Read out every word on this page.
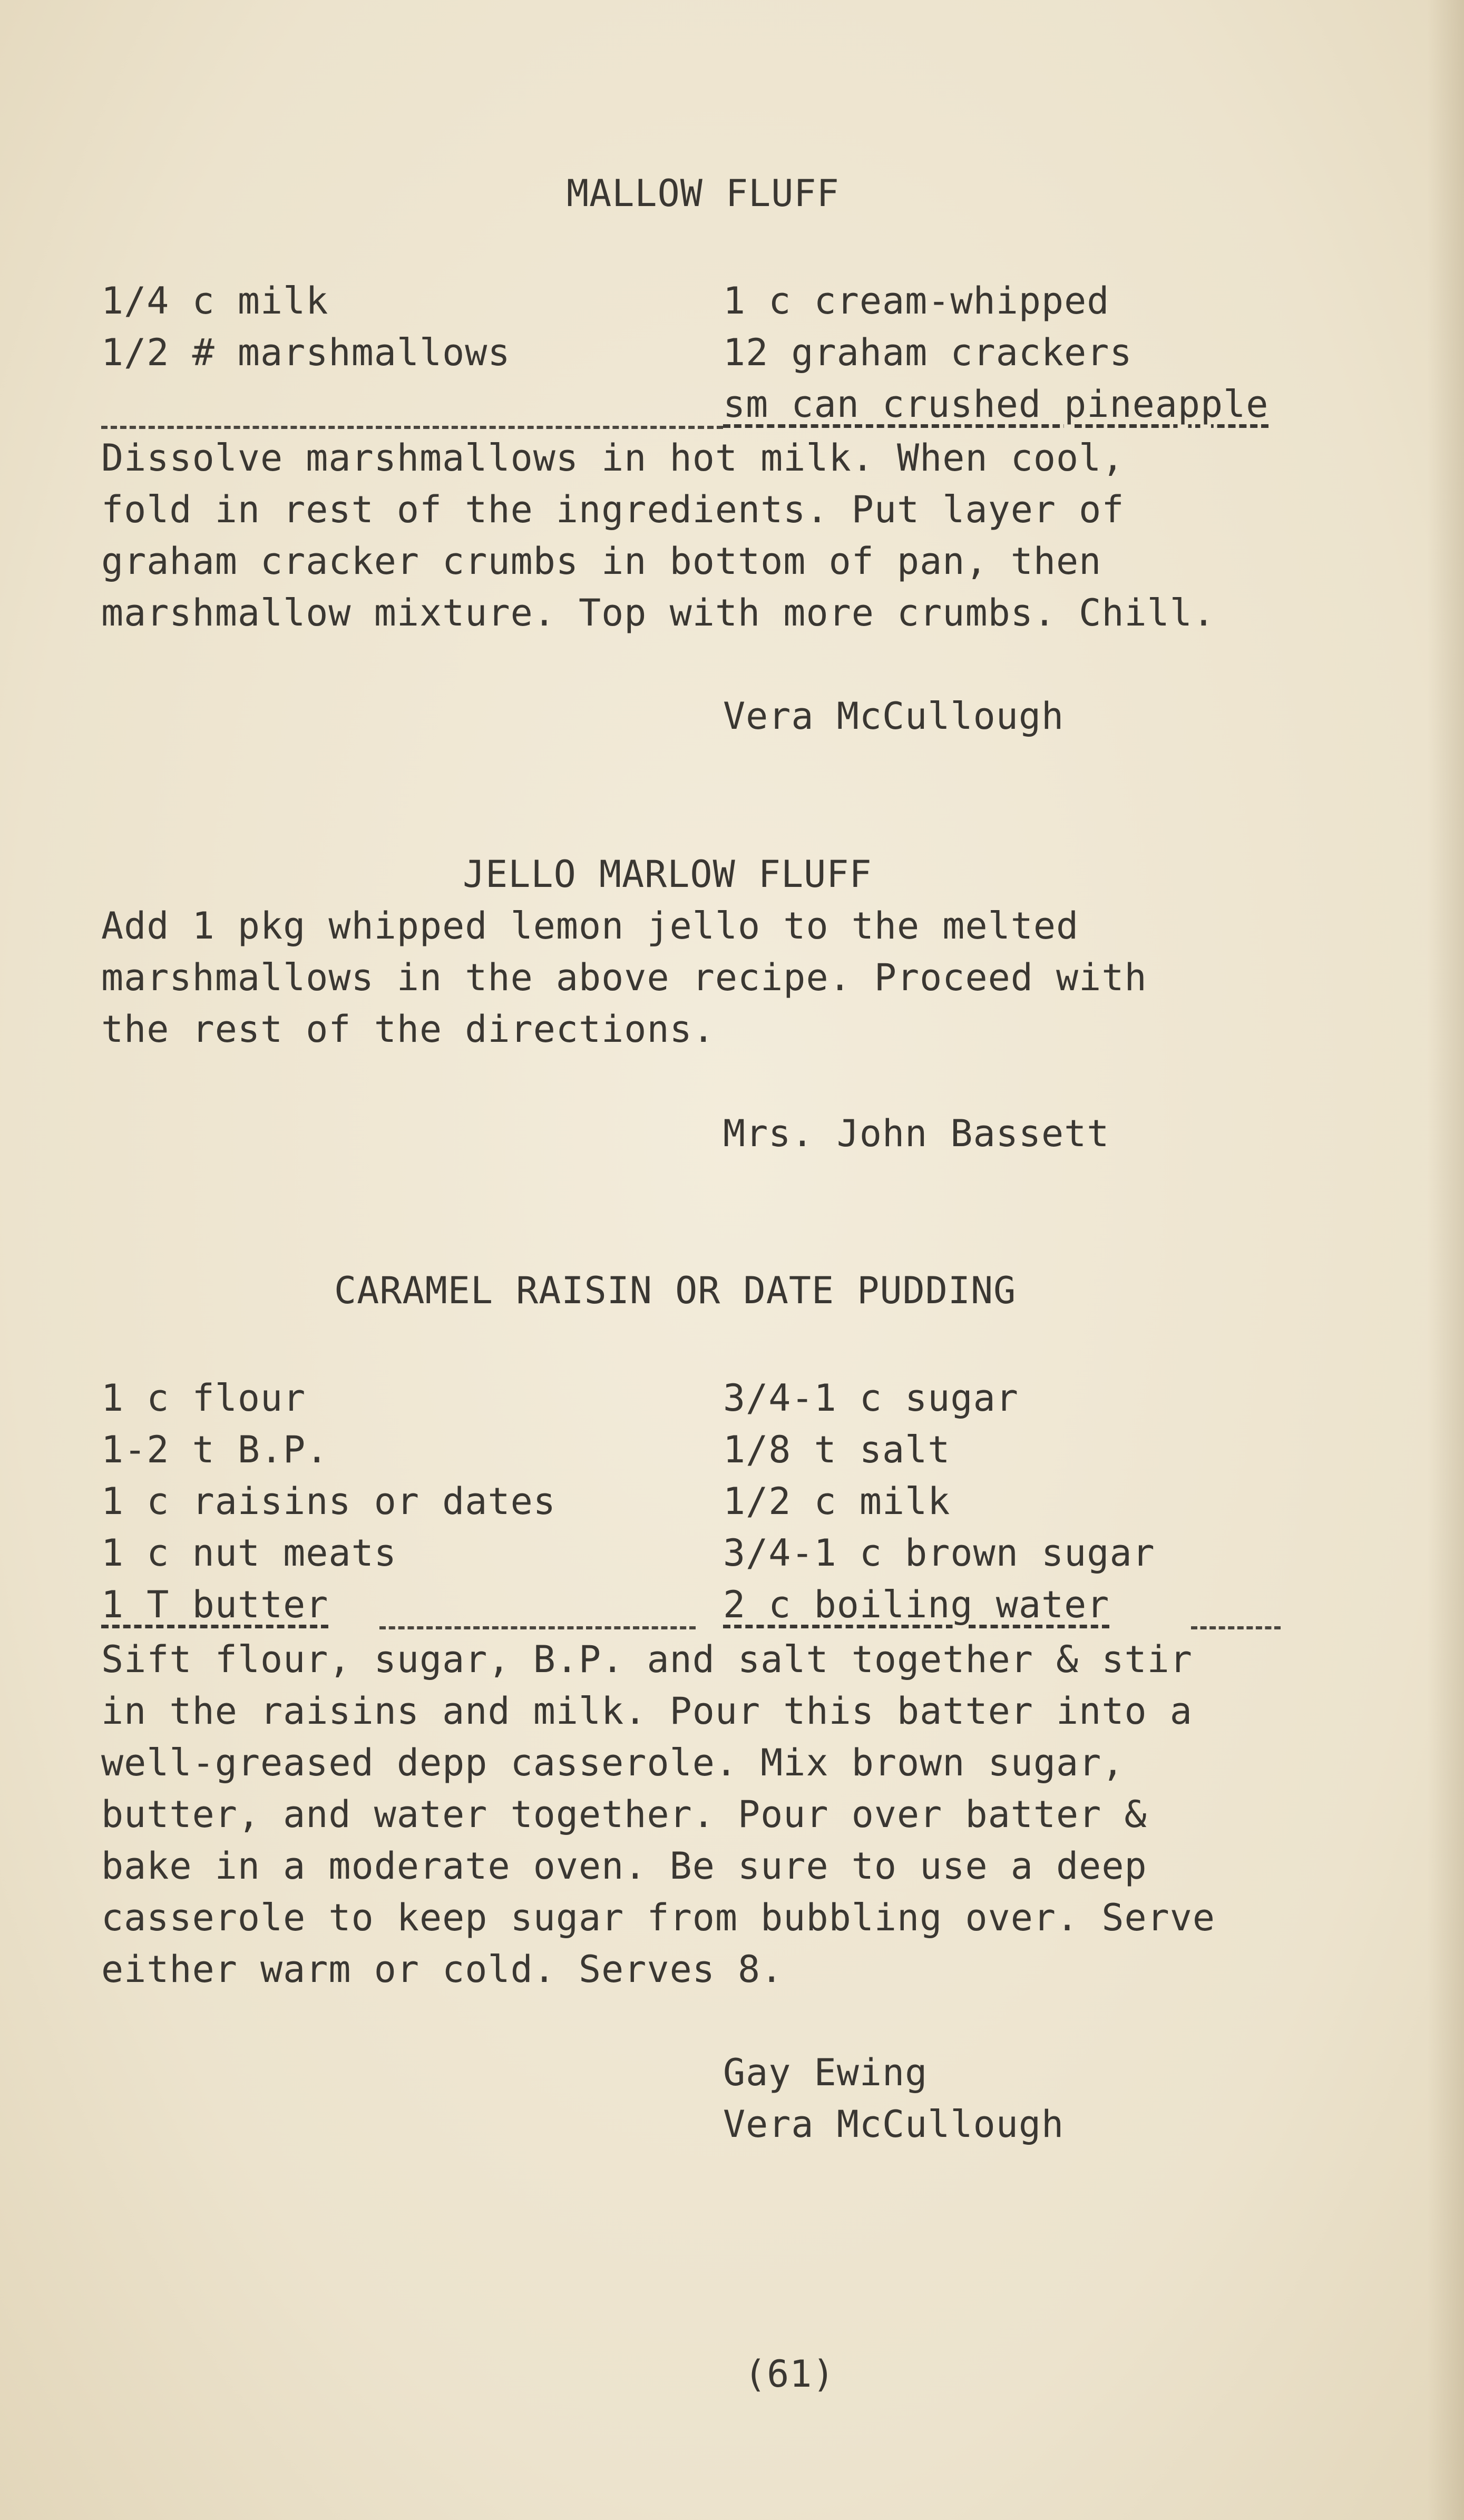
MALLOW FLUFF
1/4 c milk
1/2 # marshmallows
1 c cream-whipped
12 graham crackers
sm can crushed pineapple
Dissolve marshmallows in hot milk. When cool,
fold in rest of the ingredients. Put layer of
graham cracker crumbs in bottom of pan, then
marshmallow mixture. Top with more crumbs. Chill.
Vera McCullough
JELLO MARLOW FLUFF
Add 1 pkg whipped lemon jello to the melted
marshmallows in the above recipe. Proceed with
the rest of the directions.
Mrs. John Bassett
CARAMEL RAISIN OR DATE PUDDING
1 c flour
1-2 t B.P.
1 c raisins or dates
1 c nut meats
1 T butter
3/4-1 c sugar
1/8 t salt
1/2 c milk
3/4-1 c brown sugar
2 c boiling water
Sift flour, sugar, B.P. and salt together & stir
in the raisins and milk. Pour this batter into a
well-greased depp casserole. Mix brown sugar,
butter, and water together. Pour over batter &
bake in a moderate oven. Be sure to use a deep
casserole to keep sugar from bubbling over. Serve
either warm or cold. Serves 8.
Gay Ewing
Vera McCullough
(61)
